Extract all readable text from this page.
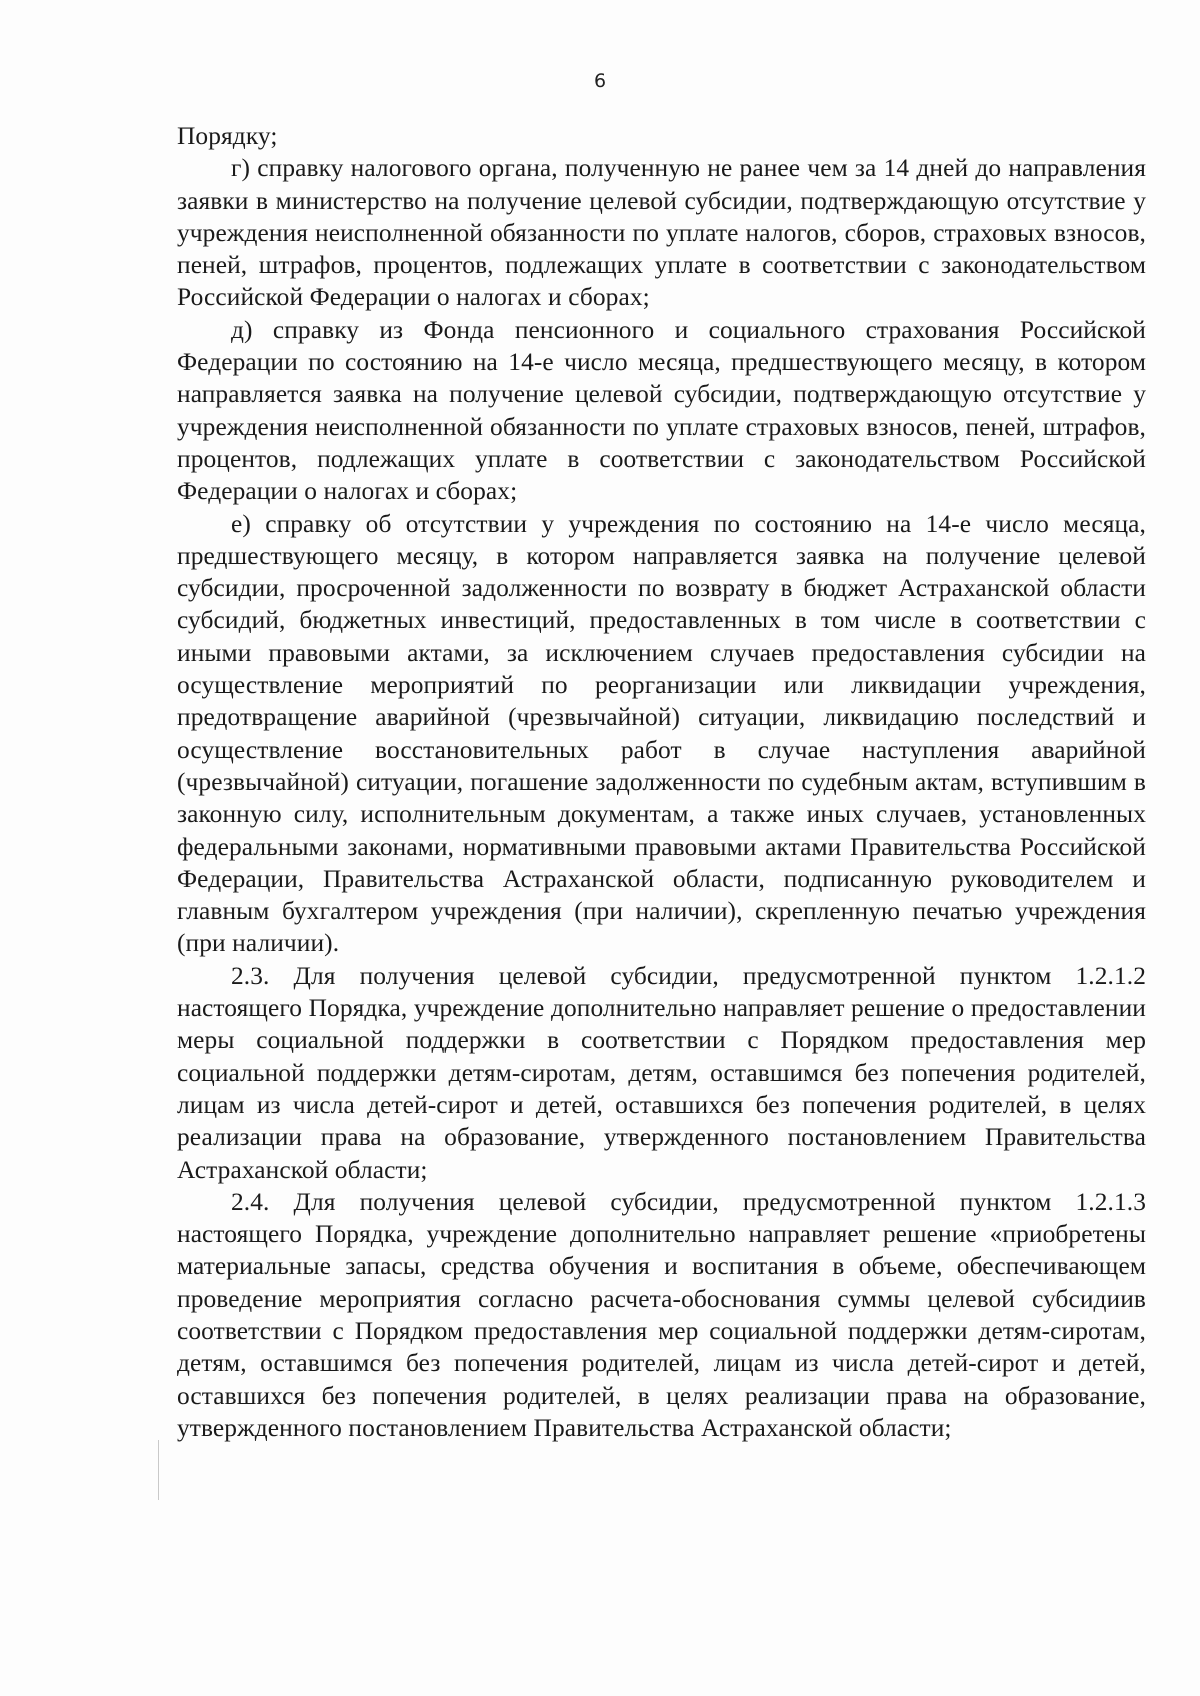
6

Порядку;

г) справку налогового органа, полученную не ранее чем за 14 дней до направления заявки в министерство на получение целевой субсидии, подтверждающую отсутствие у учреждения неисполненной обязанности по уплате налогов, сборов, страховых взносов, пеней, штрафов, процентов, подлежащих уплате в соответствии с законодательством Российской Федерации о налогах и сборах;

д) справку из Фонда пенсионного и социального страхования Российской Федерации по состоянию на 14-е число месяца, предшествующего месяцу, в котором направляется заявка на получение целевой субсидии, подтверждающую отсутствие у учреждения неисполненной обязанности по уплате страховых взносов, пеней, штрафов, процентов, подлежащих уплате в соответствии с законодательством Российской Федерации о налогах и сборах;

е) справку об отсутствии у учреждения по состоянию на 14-е число месяца, предшествующего месяцу, в котором направляется заявка на получение целевой субсидии, просроченной задолженности по возврату в бюджет Астраханской области субсидий, бюджетных инвестиций, предоставленных в том числе в соответствии с иными правовыми актами, за исключением случаев предоставления субсидии на осуществление мероприятий по реорганизации или ликвидации учреждения, предотвращение аварийной (чрезвычайной) ситуации, ликвидацию последствий и осуществление восстановительных работ в случае наступления аварийной (чрезвычайной) ситуации, погашение задолженности по судебным актам, вступившим в законную силу, исполнительным документам, а также иных случаев, установленных федеральными законами, нормативными правовыми актами Правительства Российской Федерации, Правительства Астраханской области, подписанную руководителем и главным бухгалтером учреждения (при наличии), скрепленную печатью учреждения (при наличии).

2.3. Для получения целевой субсидии, предусмотренной пунктом 1.2.1.2 настоящего Порядка, учреждение дополнительно направляет решение о предоставлении меры социальной поддержки в соответствии с Порядком предоставления мер социальной поддержки детям-сиротам, детям, оставшимся без попечения родителей, лицам из числа детей-сирот и детей, оставшихся без попечения родителей, в целях реализации права на образование, утвержденного постановлением Правительства Астраханской области;

2.4. Для получения целевой субсидии, предусмотренной пунктом 1.2.1.3 настоящего Порядка, учреждение дополнительно направляет решение «приобретены материальные запасы, средства обучения и воспитания в объеме, обеспечивающем проведение мероприятия согласно расчета-обоснования суммы целевой субсидиив соответствии с Порядком предоставления мер социальной поддержки детям-сиротам, детям, оставшимся без попечения родителей, лицам из числа детей-сирот и детей, оставшихся без попечения родителей, в целях реализации права на образование, утвержденного постановлением Правительства Астраханской области;
